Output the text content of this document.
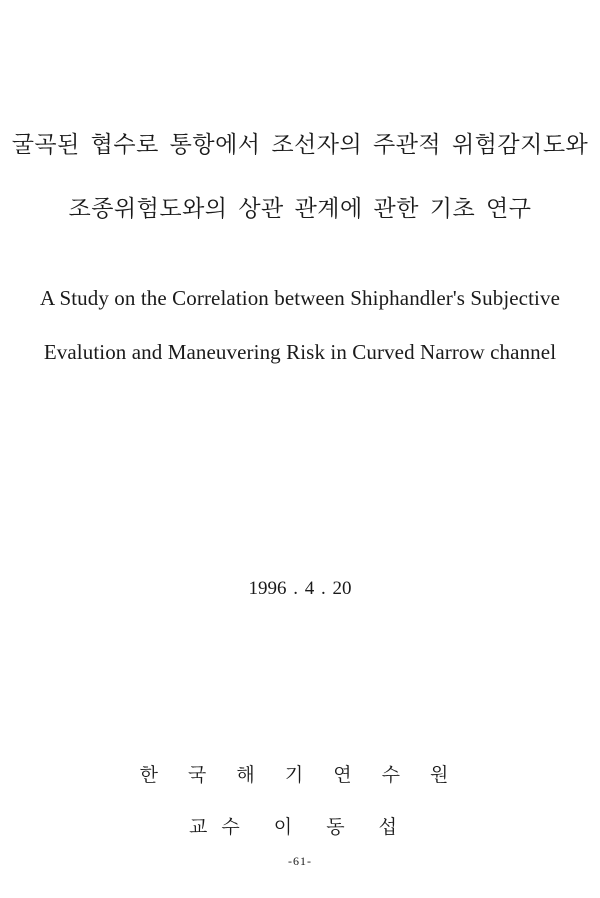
굴곡된 협수로 통항에서 조선자의 주관적 위험감지도와
조종위험도와의 상관 관계에 관한 기초 연구
A Study on the Correlation between Shiphandler's Subjective
Evalution and Maneuvering Risk in Curved Narrow channel
1996 . 4 . 20
한 국 해 기 연 수 원
교수 이 동 섭
-61-
